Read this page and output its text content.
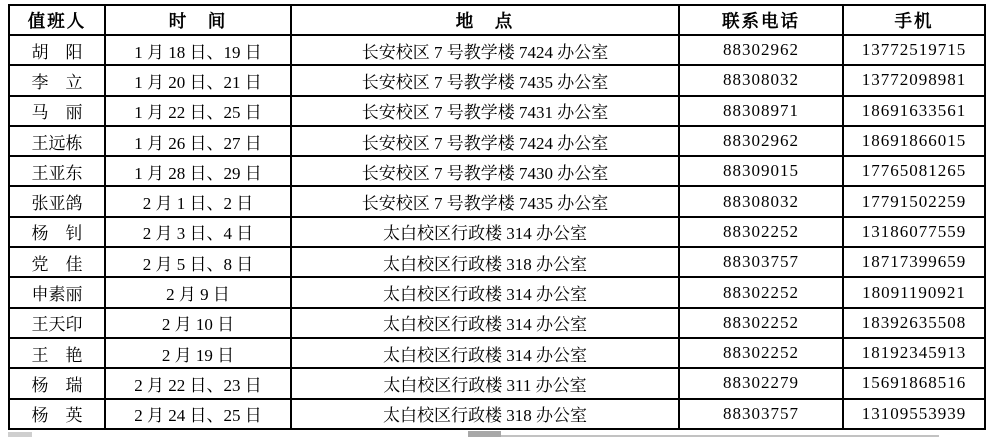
值班人	时　间	地　点	联系电话	手机
胡　阳	1 月 18 日、19 日	长安校区 7 号教学楼 7424 办公室	88302962	13772519715
李　立	1 月 20 日、21 日	长安校区 7 号教学楼 7435 办公室	88308032	13772098981
马　丽	1 月 22 日、25 日	长安校区 7 号教学楼 7431 办公室	88308971	18691633561
王远栋	1 月 26 日、27 日	长安校区 7 号教学楼 7424 办公室	88302962	18691866015
王亚东	1 月 28 日、29 日	长安校区 7 号教学楼 7430 办公室	88309015	17765081265
张亚鸽	2 月 1 日、2 日	长安校区 7 号教学楼 7435 办公室	88308032	17791502259
杨　钊	2 月 3 日、4 日	太白校区行政楼 314 办公室	88302252	13186077559
党　佳	2 月 5 日、8 日	太白校区行政楼 318 办公室	88303757	18717399659
申素丽	2 月 9 日	太白校区行政楼 314 办公室	88302252	18091190921
王天印	2 月 10 日	太白校区行政楼 314 办公室	88302252	18392635508
王　艳	2 月 19 日	太白校区行政楼 314 办公室	88302252	18192345913
杨　瑞	2 月 22 日、23 日	太白校区行政楼 311 办公室	88302279	15691868516
杨　英	2 月 24 日、25 日	太白校区行政楼 318 办公室	88303757	13109553939
